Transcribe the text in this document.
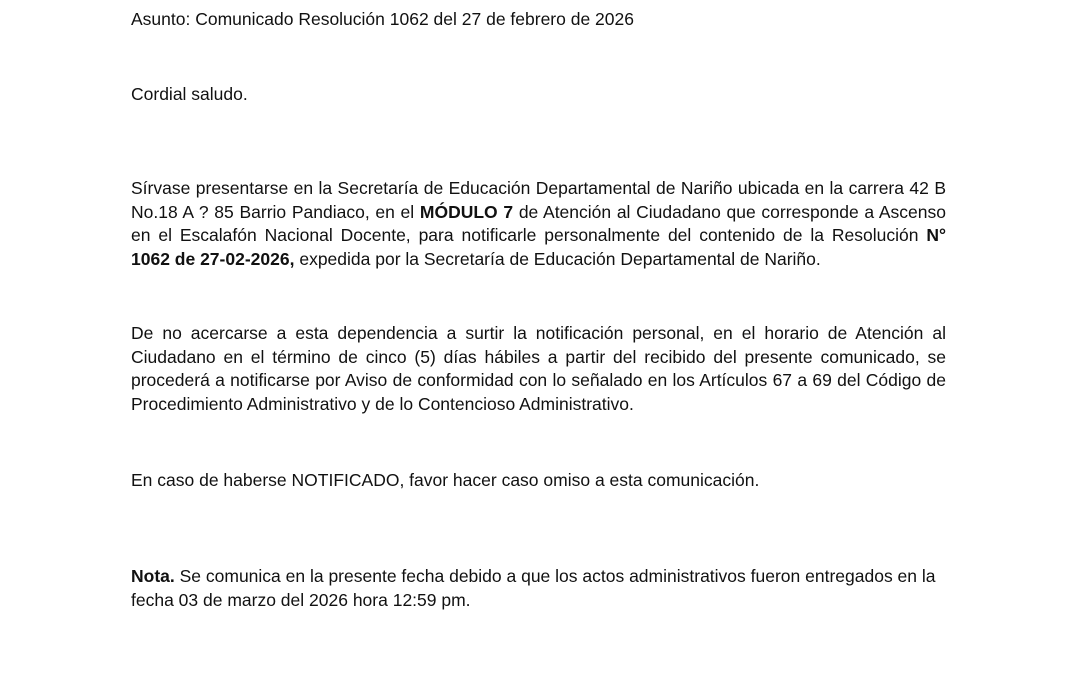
Asunto: Comunicado Resolución 1062 del 27 de febrero de 2026

Cordial saludo.

Sírvase presentarse en la Secretaría de Educación Departamental de Nariño ubicada en la carrera 42 B No.18 A ? 85 Barrio Pandiaco, en el MÓDULO 7 de Atención al Ciudadano que corresponde a Ascenso en el Escalafón Nacional Docente, para notificarle personalmente del contenido de la Resolución N° 1062 de 27-02-2026, expedida por la Secretaría de Educación Departamental de Nariño.

De no acercarse a esta dependencia a surtir la notificación personal, en el horario de Atención al Ciudadano en el término de cinco (5) días hábiles a partir del recibido del presente comunicado, se procederá a notificarse por Aviso de conformidad con lo señalado en los Artículos 67 a 69 del Código de Procedimiento Administrativo y de lo Contencioso Administrativo.

En caso de haberse NOTIFICADO, favor hacer caso omiso a esta comunicación.

Nota. Se comunica en la presente fecha debido a que los actos administrativos fueron entregados en la fecha 03 de marzo del 2026 hora 12:59 pm.
